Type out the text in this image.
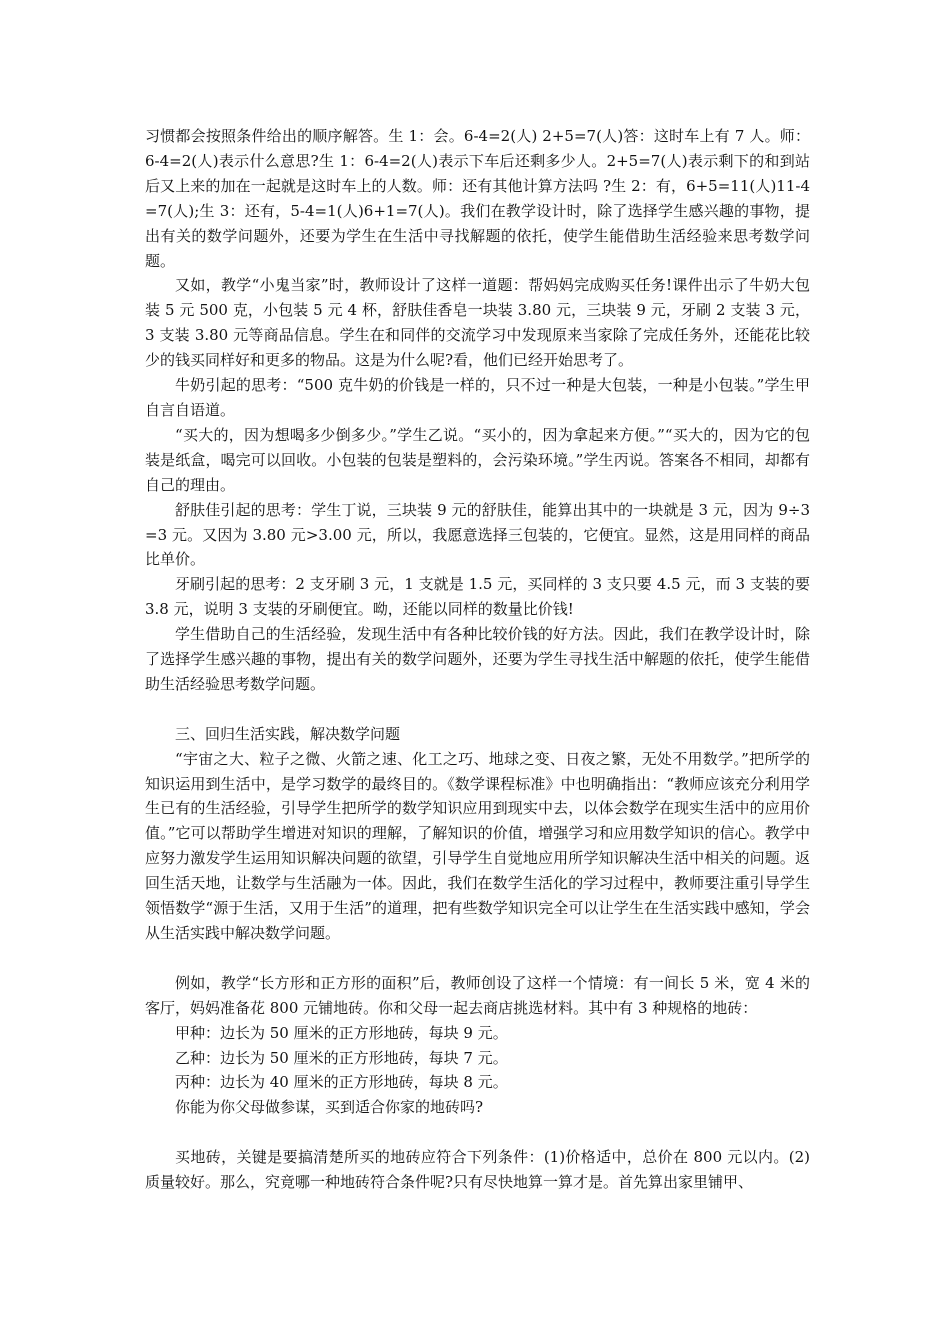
习惯都会按照条件给出的顺序解答。生 1：会。6-4=2(人) 2+5=7(人)答：这时车上有 7 人。师：6-4=2(人)表示什么意思?生 1：6-4=2(人)表示下车后还剩多少人。2+5=7(人)表示剩下的和到站后又上来的加在一起就是这时车上的人数。师：还有其他计算方法吗 ?生 2：有，6+5=11(人)11-4=7(人);生 3：还有，5-4=1(人)6+1=7(人)。我们在教学设计时，除了选择学生感兴趣的事物，提出有关的数学问题外，还要为学生在生活中寻找解题的依托，使学生能借助生活经验来思考数学问题。

又如，教学“小鬼当家”时，教师设计了这样一道题：帮妈妈完成购买任务!课件出示了牛奶大包装 5 元 500 克，小包装 5 元 4 杯，舒肤佳香皂一块装 3.80 元，三块装 9 元，牙刷 2 支装 3 元，3 支装 3.80 元等商品信息。学生在和同伴的交流学习中发现原来当家除了完成任务外，还能花比较少的钱买同样好和更多的物品。这是为什么呢?看，他们已经开始思考了。

牛奶引起的思考：“500 克牛奶的价钱是一样的，只不过一种是大包装，一种是小包装。”学生甲自言自语道。

“买大的，因为想喝多少倒多少。”学生乙说。“买小的，因为拿起来方便。”“买大的，因为它的包装是纸盒，喝完可以回收。小包装的包装是塑料的，会污染环境。”学生丙说。答案各不相同，却都有自己的理由。

舒肤佳引起的思考：学生丁说，三块装 9 元的舒肤佳，能算出其中的一块就是 3 元，因为 9÷3=3 元。又因为 3.80 元>3.00 元，所以，我愿意选择三包装的，它便宜。显然，这是用同样的商品比单价。

牙刷引起的思考：2 支牙刷 3 元，1 支就是 1.5 元，买同样的 3 支只要 4.5 元，而 3 支装的要 3.8 元，说明 3 支装的牙刷便宜。呦，还能以同样的数量比价钱!

学生借助自己的生活经验，发现生活中有各种比较价钱的好方法。因此，我们在教学设计时，除了选择学生感兴趣的事物，提出有关的数学问题外，还要为学生寻找生活中解题的依托，使学生能借助生活经验思考数学问题。

三、回归生活实践，解决数学问题

“宇宙之大、粒子之微、火箭之速、化工之巧、地球之变、日夜之繁，无处不用数学。”把所学的知识运用到生活中，是学习数学的最终目的。《数学课程标准》中也明确指出：“教师应该充分利用学生已有的生活经验，引导学生把所学的数学知识应用到现实中去，以体会数学在现实生活中的应用价值。”它可以帮助学生增进对知识的理解，了解知识的价值，增强学习和应用数学知识的信心。教学中应努力激发学生运用知识解决问题的欲望，引导学生自觉地应用所学知识解决生活中相关的问题。返回生活天地，让数学与生活融为一体。因此，我们在数学生活化的学习过程中，教师要注重引导学生领悟数学“源于生活，又用于生活”的道理，把有些数学知识完全可以让学生在生活实践中感知，学会从生活实践中解决数学问题。

例如，教学“长方形和正方形的面积”后，教师创设了这样一个情境：有一间长 5 米，宽 4 米的客厅，妈妈准备花 800 元铺地砖。你和父母一起去商店挑选材料。其中有 3 种规格的地砖：

甲种：边长为 50 厘米的正方形地砖，每块 9 元。

乙种：边长为 50 厘米的正方形地砖，每块 7 元。

丙种：边长为 40 厘米的正方形地砖，每块 8 元。

你能为你父母做参谋，买到适合你家的地砖吗?

买地砖，关键是要搞清楚所买的地砖应符合下列条件：(1)价格适中，总价在 800 元以内。(2)质量较好。那么，究竟哪一种地砖符合条件呢?只有尽快地算一算才是。首先算出家里铺甲、
